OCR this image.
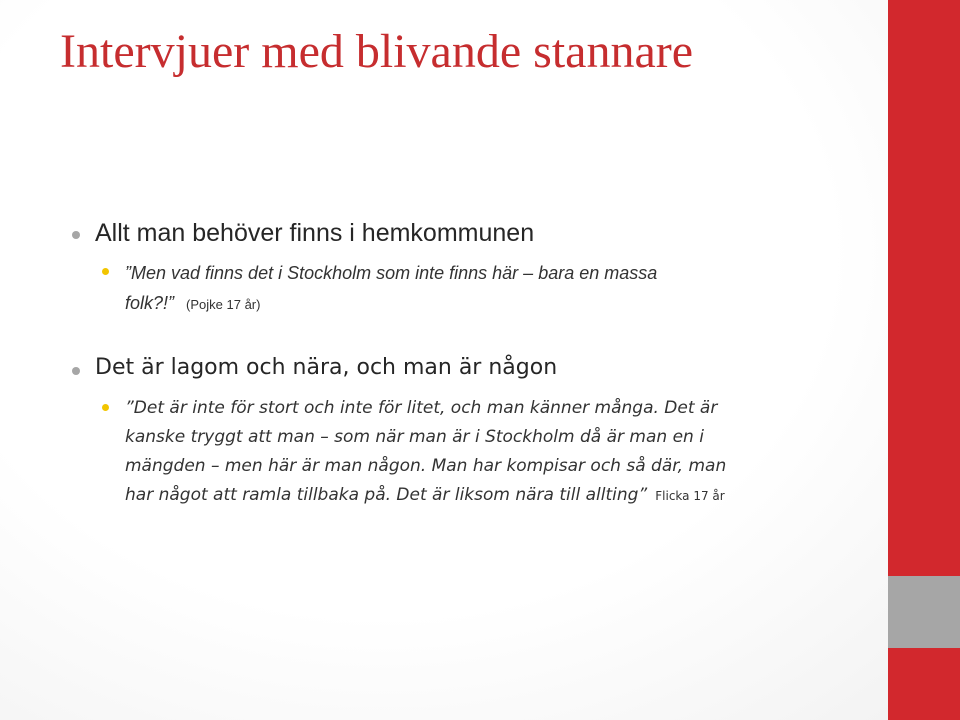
Intervjuer med blivande stannare
Allt man behöver finns i hemkommunen
”Men vad finns det i Stockholm som inte finns här – bara en massa
folk?!” (Pojke 17 år)
Det är lagom och nära, och man är någon
”Det är inte för stort och inte för litet, och man känner många. Det är
kanske tryggt att man – som när man är i Stockholm då är man en i
mängden – men här är man någon. Man har kompisar och så där, man
har något att ramla tillbaka på. Det är liksom nära till allting” Flicka 17 år
